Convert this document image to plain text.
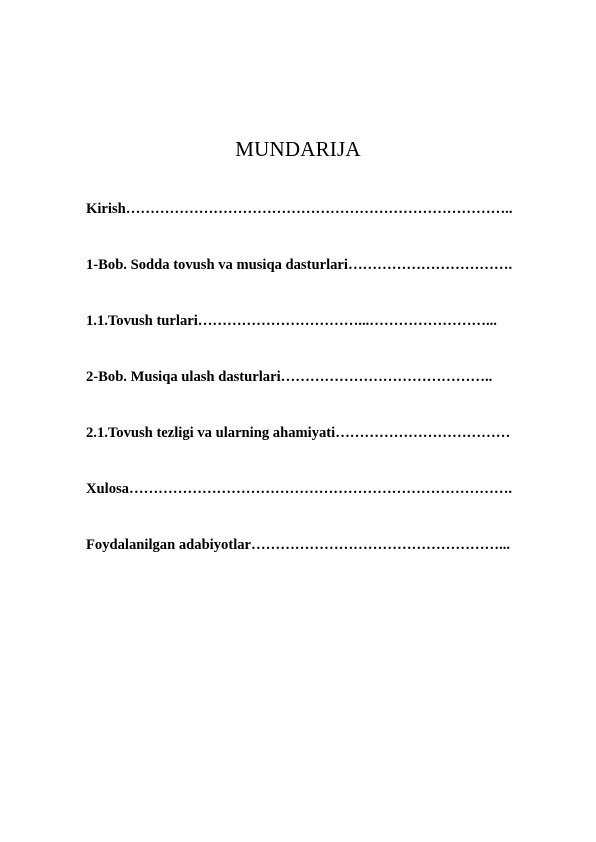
MUNDARIJA
Kirish……………………………………………………………………..
1-Bob. Sodda tovush va musiqa dasturlari…………………………….
1.1.Tovush turlari……………………………...……………………...
2-Bob. Musiqa ulash dasturlari……………………………………..
2.1.Tovush tezligi va ularning ahamiyati………………………………
Xulosa…………………………………………………………………….
Foydalanilgan adabiyotlar……………………………………………...
